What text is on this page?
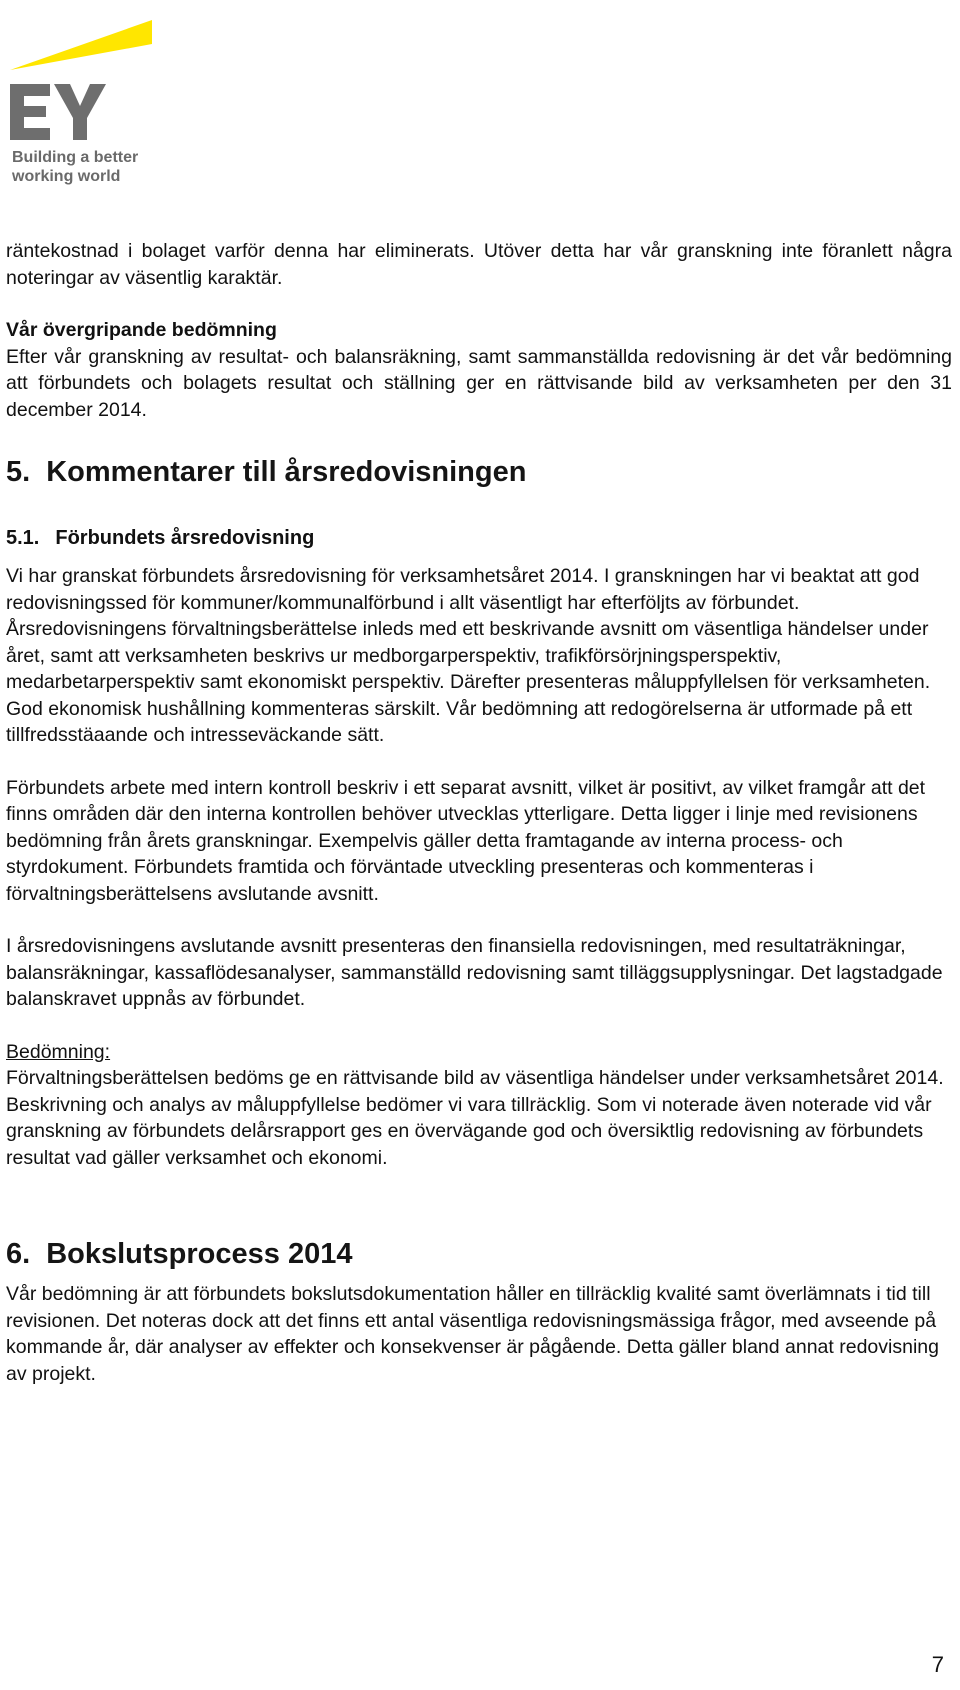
Building a better
working world

räntekostnad i bolaget varför denna har eliminerats. Utöver detta har vår granskning inte föranlett några noteringar av väsentlig karaktär.

Vår övergripande bedömning

Efter vår granskning av resultat- och balansräkning, samt sammanställda redovisning är det vår bedömning att förbundets och bolagets resultat och ställning ger en rättvisande bild av verksamheten per den 31 december 2014.

5. Kommentarer till årsredovisningen
5.1. Förbundets årsredovisning

Vi har granskat förbundets årsredovisning för verksamhetsåret 2014. I granskningen har vi beaktat att god redovisningssed för kommuner/kommunalförbund i allt väsentligt har efterföljts av förbundet. Årsredovisningens förvaltningsberättelse inleds med ett beskrivande avsnitt om väsentliga händelser under året, samt att verksamheten beskrivs ur medborgarperspektiv, trafikförsörjningsperspektiv, medarbetarperspektiv samt ekonomiskt perspektiv. Därefter presenteras måluppfyllelsen för verksamheten. God ekonomisk hushållning kommenteras särskilt. Vår bedömning att redogörelserna är utformade på ett tillfredsstäaande och intresseväckande sätt.

Förbundets arbete med intern kontroll beskriv i ett separat avsnitt, vilket är positivt, av vilket framgår att det finns områden där den interna kontrollen behöver utvecklas ytterligare. Detta ligger i linje med revisionens bedömning från årets granskningar. Exempelvis gäller detta framtagande av interna process- och styrdokument. Förbundets framtida och förväntade utveckling presenteras och kommenteras i förvaltningsberättelsens avslutande avsnitt.

I årsredovisningens avslutande avsnitt presenteras den finansiella redovisningen, med resultaträkningar, balansräkningar, kassaflödesanalyser, sammanställd redovisning samt tilläggsupplysningar. Det lagstadgade balanskravet uppnås av förbundet.

Bedömning:

Förvaltningsberättelsen bedöms ge en rättvisande bild av väsentliga händelser under verksamhetsåret 2014. Beskrivning och analys av måluppfyllelse bedömer vi vara tillräcklig. Som vi noterade även noterade vid vår granskning av förbundets delårsrapport ges en övervägande god och översiktlig redovisning av förbundets resultat vad gäller verksamhet och ekonomi.

6. Bokslutsprocess 2014

Vår bedömning är att förbundets bokslutsdokumentation håller en tillräcklig kvalité samt överlämnats i tid till revisionen. Det noteras dock att det finns ett antal väsentliga redovisningsmässiga frågor, med avseende på kommande år, där analyser av effekter och konsekvenser är pågående. Detta gäller bland annat redovisning av projekt.

7
